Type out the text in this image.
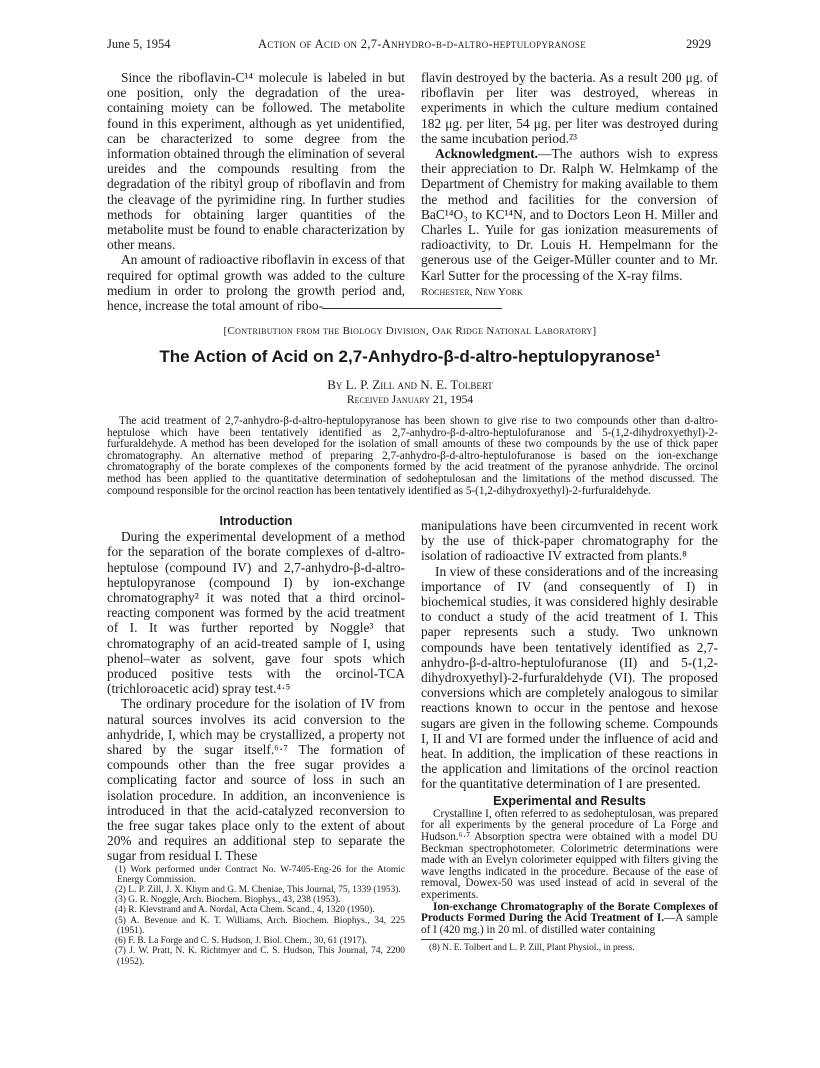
June 5, 1954	Action of Acid on 2,7-Anhydro-β-d-altro-heptulopyranose	2929

Since the riboflavin-C¹⁴ molecule is labeled in but one position, only the degradation of the urea-containing moiety can be followed. The metabolite found in this experiment, although as yet unidentified, can be characterized to some degree from the information obtained through the elimination of several ureides and the compounds resulting from the degradation of the ribityl group of riboflavin and from the cleavage of the pyrimidine ring. In further studies methods for obtaining larger quantities of the metabolite must be found to enable characterization by other means.

An amount of radioactive riboflavin in excess of that required for optimal growth was added to the culture medium in order to prolong the growth period and, hence, increase the total amount of ribo-

flavin destroyed by the bacteria. As a result 200 μg. of riboflavin per liter was destroyed, whereas in experiments in which the culture medium contained 182 μg. per liter, 54 μg. per liter was destroyed during the same incubation period.²³

Acknowledgment.—The authors wish to express their appreciation to Dr. Ralph W. Helmkamp of the Department of Chemistry for making available to them the method and facilities for the conversion of BaC¹⁴O₃ to KC¹⁴N, and to Doctors Leon H. Miller and Charles L. Yuile for gas ionization measurements of radioactivity, to Dr. Louis H. Hempelmann for the generous use of the Geiger-Müller counter and to Mr. Karl Sutter for the processing of the X-ray films.

Rochester, New York

[Contribution from the Biology Division, Oak Ridge National Laboratory]
The Action of Acid on 2,7-Anhydro-β-d-altro-heptulopyranose¹
By L. P. Zill and N. E. Tolbert
Received January 21, 1954
The acid treatment of 2,7-anhydro-β-d-altro-heptulopyranose has been shown to give rise to two compounds other than d-altro-heptulose which have been tentatively identified as 2,7-anhydro-β-d-altro-heptulofuranose and 5-(1,2-dihydroxyethyl)-2-furfuraldehyde. A method has been developed for the isolation of small amounts of these two compounds by the use of thick paper chromatography. An alternative method of preparing 2,7-anhydro-β-d-altro-heptulofuranose is based on the ion-exchange chromatography of the borate complexes of the components formed by the acid treatment of the pyranose anhydride. The orcinol method has been applied to the quantitative determination of sedoheptulosan and the limitations of the method discussed. The compound responsible for the orcinol reaction has been tentatively identified as 5-(1,2-dihydroxyethyl)-2-furfuraldehyde.

Introduction

During the experimental development of a method for the separation of the borate complexes of d-altro-heptulose (compound IV) and 2,7-anhydro-β-d-altro-heptulopyranose (compound I) by ion-exchange chromatography² it was noted that a third orcinol-reacting component was formed by the acid treatment of I. It was further reported by Noggle³ that chromatography of an acid-treated sample of I, using phenol–water as solvent, gave four spots which produced positive tests with the orcinol-TCA (trichloroacetic acid) spray test.⁴·⁵

The ordinary procedure for the isolation of IV from natural sources involves its acid conversion to the anhydride, I, which may be crystallized, a property not shared by the sugar itself.⁶·⁷ The formation of compounds other than the free sugar provides a complicating factor and source of loss in such an isolation procedure. In addition, an inconvenience is introduced in that the acid-catalyzed reconversion to the free sugar takes place only to the extent of about 20% and requires an additional step to separate the sugar from residual I. These

(1) Work performed under Contract No. W-7405-Eng-26 for the Atomic Energy Commission.
(2) L. P. Zill, J. X. Khym and G. M. Cheniae, This Journal, 75, 1339 (1953).
(3) G. R. Noggle, Arch. Biochem. Biophys., 43, 238 (1953).
(4) R. Klevstrand and A. Nordal, Acta Chem. Scand., 4, 1320 (1950).
(5) A. Bevenue and K. T. Williams, Arch. Biochem. Biophys., 34, 225 (1951).
(6) F. B. La Forge and C. S. Hudson, J. Biol. Chem., 30, 61 (1917).
(7) J. W. Pratt, N. K. Richtmyer and C. S. Hudson, This Journal, 74, 2200 (1952).

manipulations have been circumvented in recent work by the use of thick-paper chromatography for the isolation of radioactive IV extracted from plants.⁸

In view of these considerations and of the increasing importance of IV (and consequently of I) in biochemical studies, it was considered highly desirable to conduct a study of the acid treatment of I. This paper represents such a study. Two unknown compounds have been tentatively identified as 2,7-anhydro-β-d-altro-heptulofuranose (II) and 5-(1,2-dihydroxyethyl)-2-furfuraldehyde (VI). The proposed conversions which are completely analogous to similar reactions known to occur in the pentose and hexose sugars are given in the following scheme. Compounds I, II and VI are formed under the influence of acid and heat. In addition, the implication of these reactions in the application and limitations of the orcinol reaction for the quantitative determination of I are presented.

Experimental and Results

Crystalline I, often referred to as sedoheptulosan, was prepared for all experiments by the general procedure of La Forge and Hudson.⁶·⁷ Absorption spectra were obtained with a model DU Beckman spectrophotometer. Colorimetric determinations were made with an Evelyn colorimeter equipped with filters giving the wave lengths indicated in the procedure. Because of the ease of removal, Dowex-50 was used instead of acid in several of the experiments.

Ion-exchange Chromatography of the Borate Complexes of Products Formed During the Acid Treatment of I.—A sample of I (420 mg.) in 20 ml. of distilled water containing

(8) N. E. Tolbert and L. P. Zill, Plant Physiol., in press.
